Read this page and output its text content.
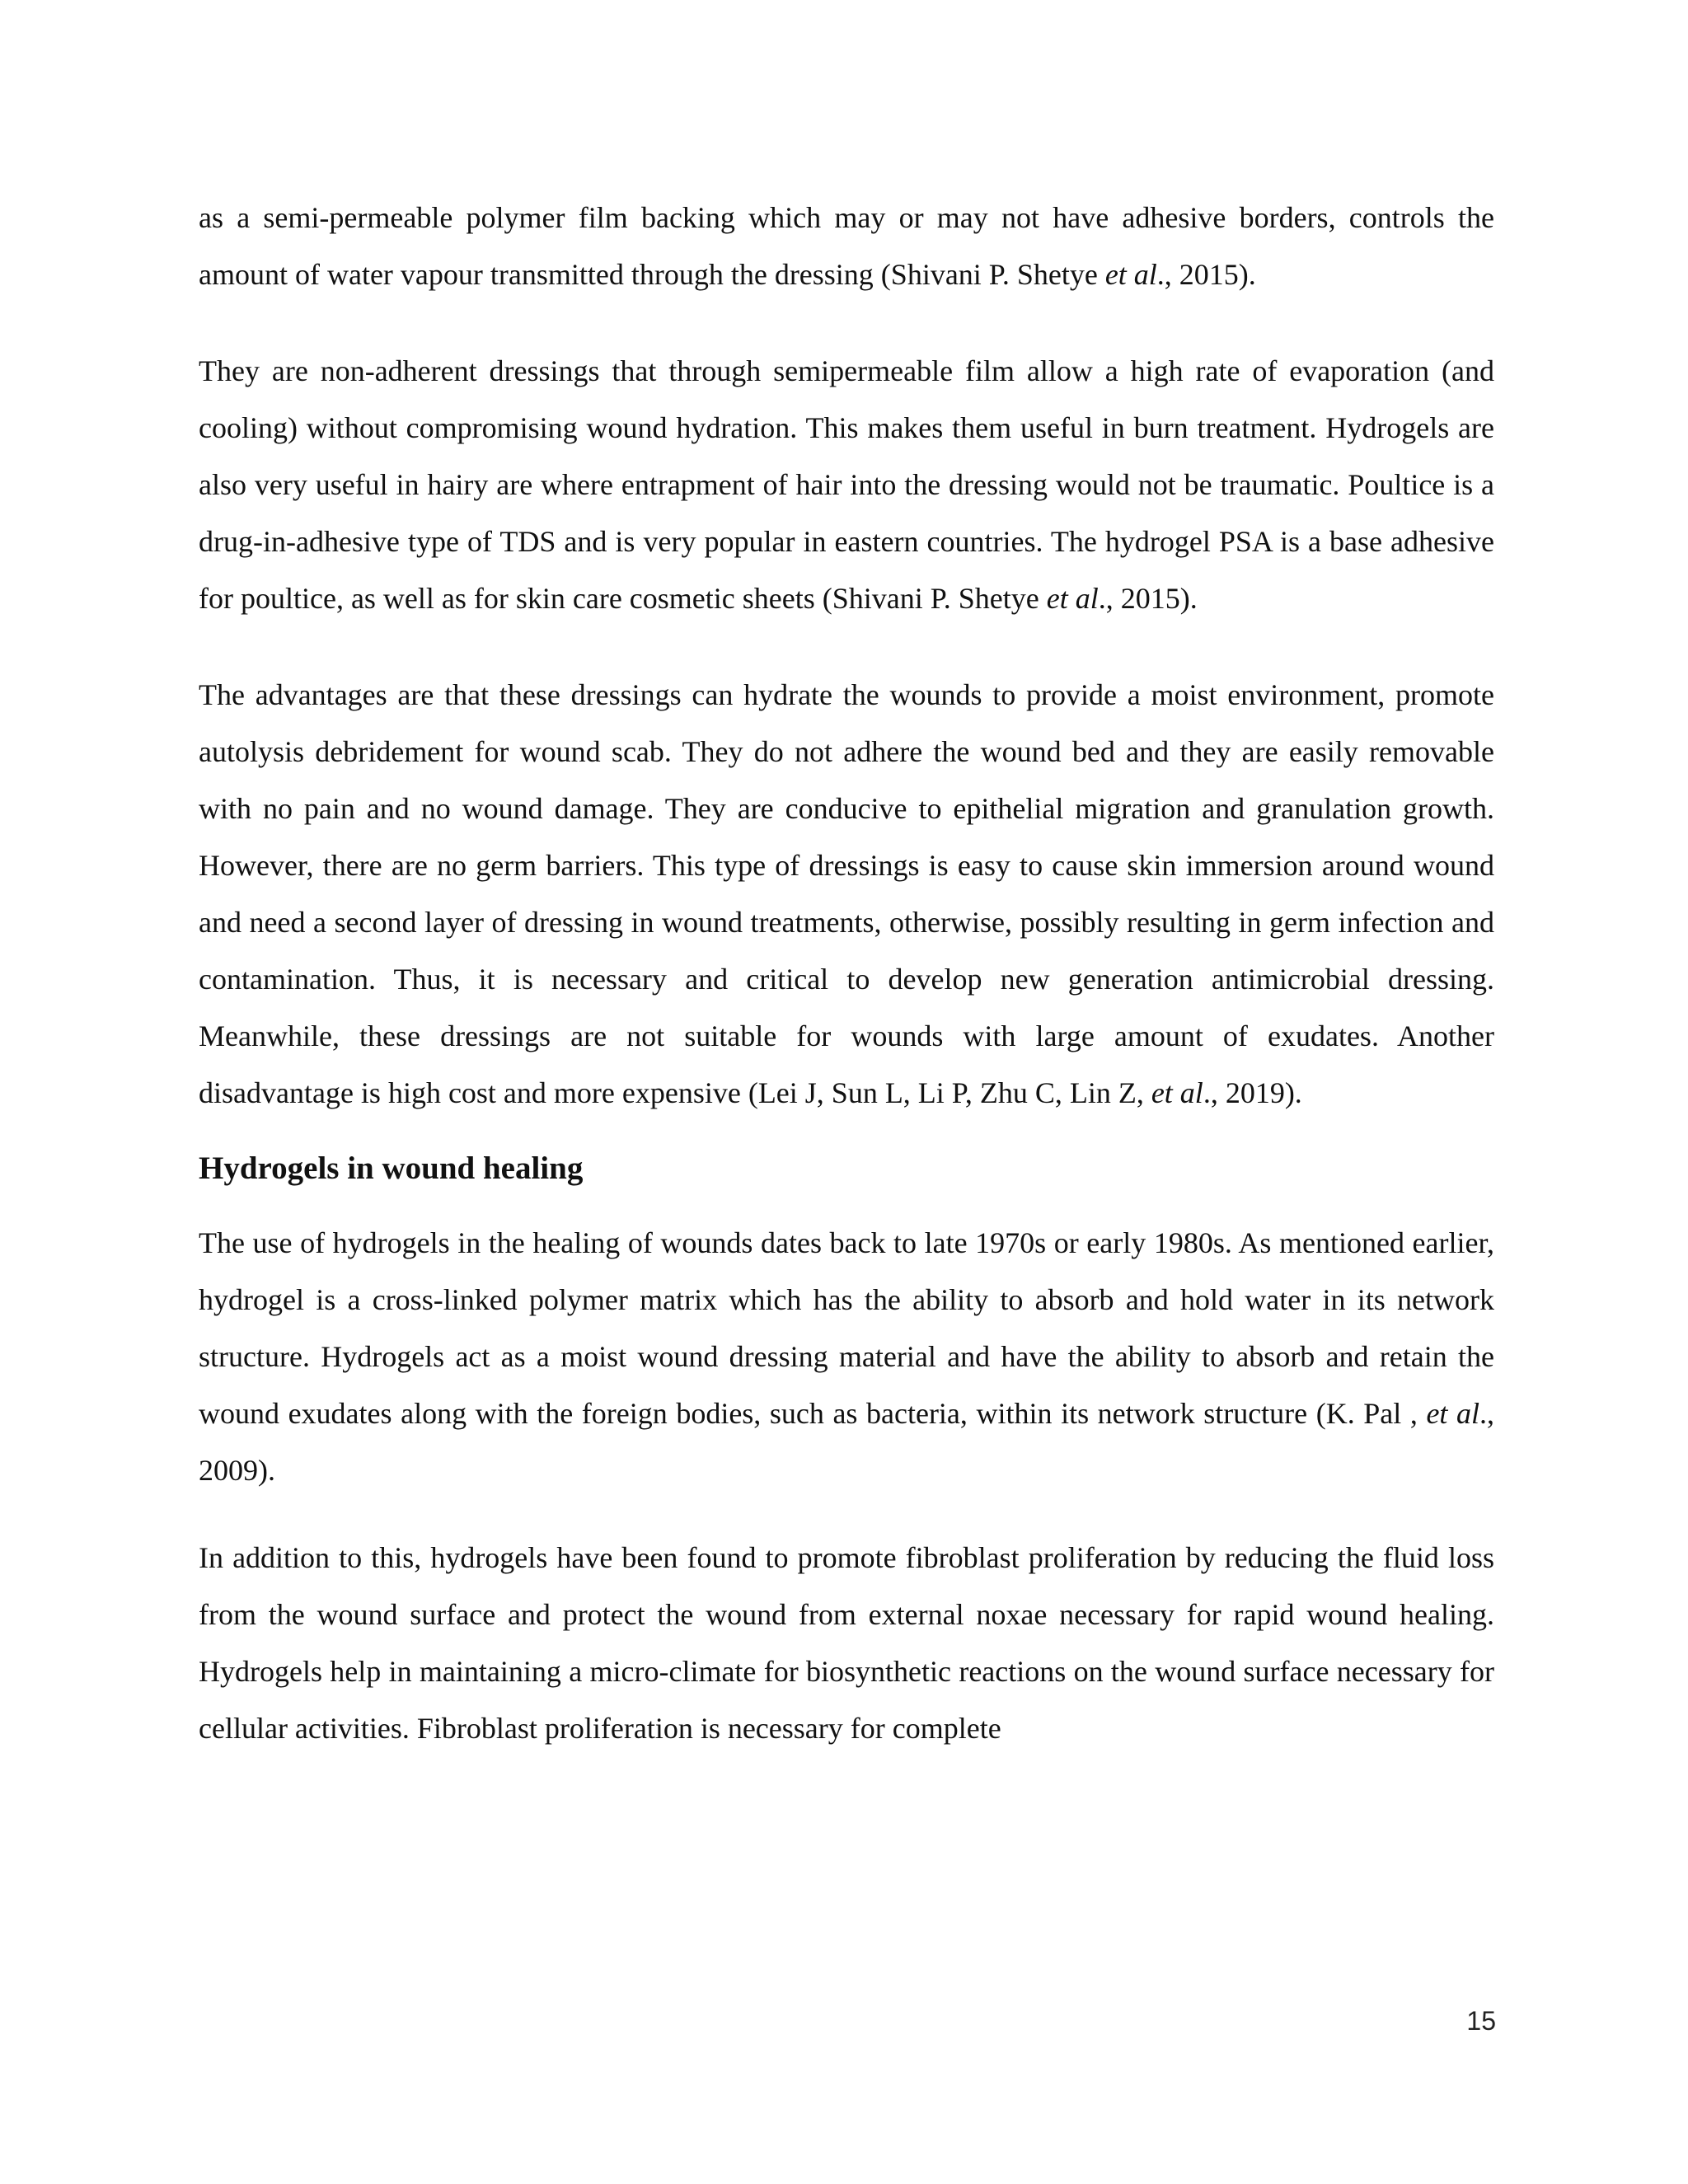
as a semi-permeable polymer film backing which may or may not have adhesive borders, controls the amount of water vapour transmitted through the dressing (Shivani P. Shetye et al., 2015).

They are non-adherent dressings that through semipermeable film allow a high rate of evaporation (and cooling) without compromising wound hydration. This makes them useful in burn treatment. Hydrogels are also very useful in hairy are where entrapment of hair into the dressing would not be traumatic. Poultice is a drug-in-adhesive type of TDS and is very popular in eastern countries. The hydrogel PSA is a base adhesive for poultice, as well as for skin care cosmetic sheets (Shivani P. Shetye et al., 2015).

The advantages are that these dressings can hydrate the wounds to provide a moist environment, promote autolysis debridement for wound scab. They do not adhere the wound bed and they are easily removable with no pain and no wound damage. They are conducive to epithelial migration and granulation growth. However, there are no germ barriers. This type of dressings is easy to cause skin immersion around wound and need a second layer of dressing in wound treatments, otherwise, possibly resulting in germ infection and contamination. Thus, it is necessary and critical to develop new generation antimicrobial dressing. Meanwhile, these dressings are not suitable for wounds with large amount of exudates. Another disadvantage is high cost and more expensive (Lei J, Sun L, Li P, Zhu C, Lin Z, et al., 2019).

Hydrogels in wound healing

The use of hydrogels in the healing of wounds dates back to late 1970s or early 1980s. As mentioned earlier, hydrogel is a cross-linked polymer matrix which has the ability to absorb and hold water in its network structure. Hydrogels act as a moist wound dressing material and have the ability to absorb and retain the wound exudates along with the foreign bodies, such as bacteria, within its network structure (K. Pal , et al., 2009).

In addition to this, hydrogels have been found to promote fibroblast proliferation by reducing the fluid loss from the wound surface and protect the wound from external noxae necessary for rapid wound healing. Hydrogels help in maintaining a micro-climate for biosynthetic reactions on the wound surface necessary for cellular activities. Fibroblast proliferation is necessary for complete

15
